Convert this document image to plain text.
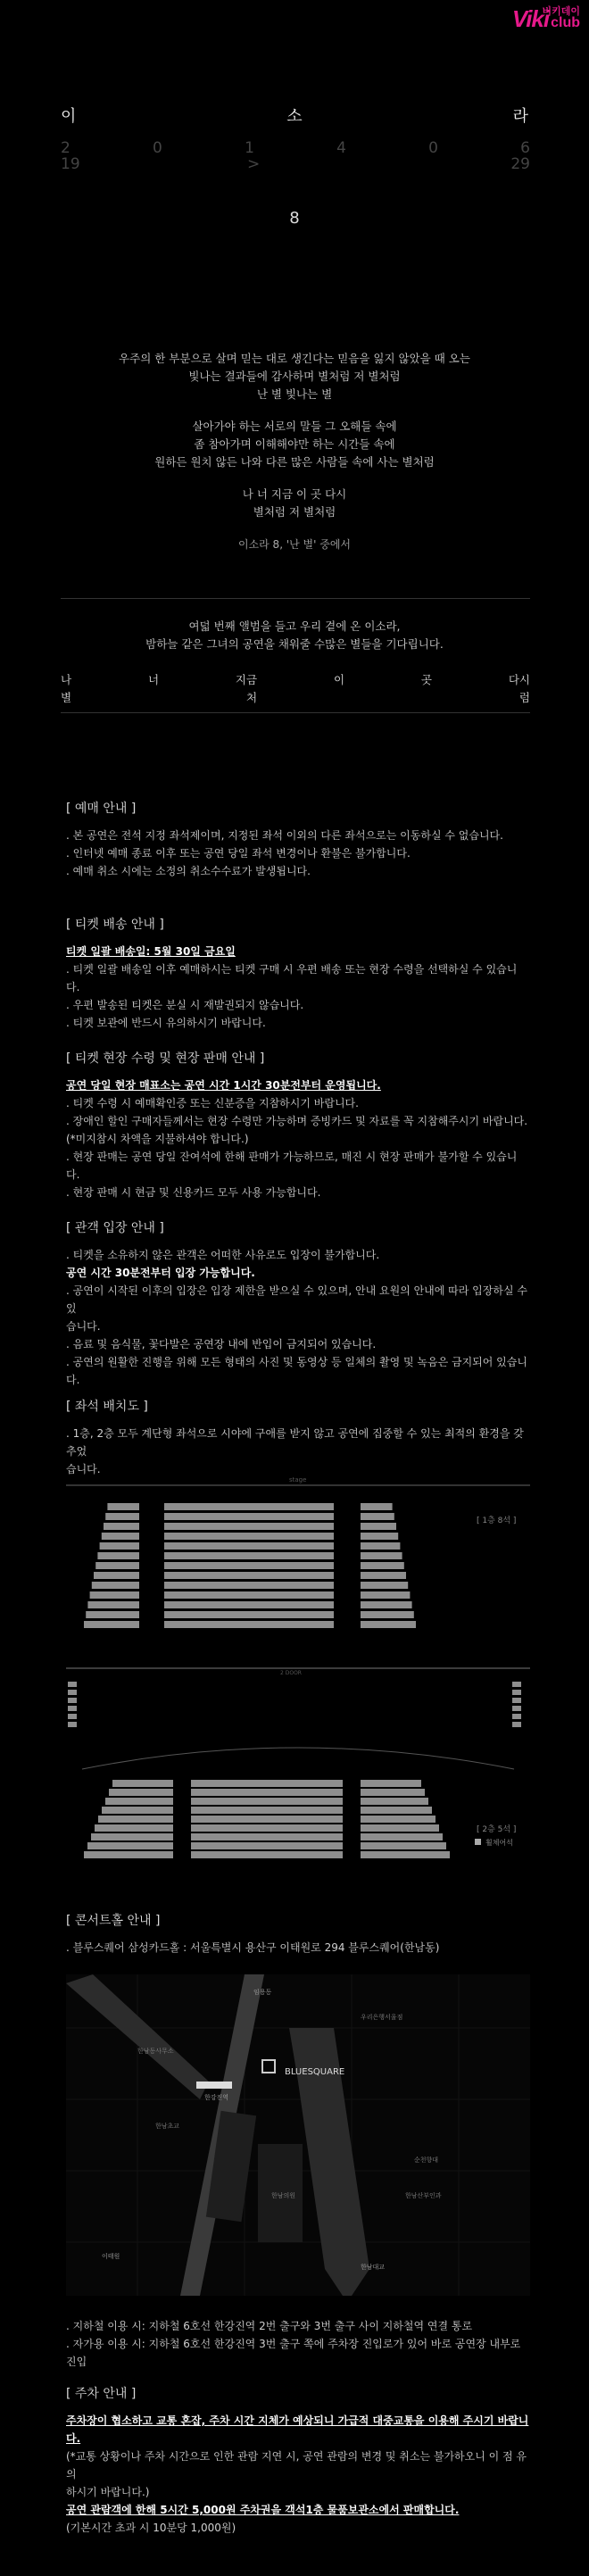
비키데이
Viki club
이	소	라
2	0	1	4	0	6
19	>	29
8

우주의 한 부분으로 살며 믿는 대로 생긴다는 믿음을 잃지 않았을 때 오는
빛나는 결과들에 감사하며 별처럼 저 별처럼
난 별 빛나는 별

살아가야 하는 서로의 말들 그 오해들 속에
좀 참아가며 이해해야만 하는 시간들 속에
원하든 원치 않든 나와 다른 많은 사람들 속에 사는 별처럼

나 너 지금 이 곳 다시
별처럼 저 별처럼

이소라 8, '난 별' 중에서

여덟 번째 앨범을 들고 우리 곁에 온 이소라,
밤하늘 같은 그녀의 공연을 채워줄 수많은 별들을 기다립니다.
나	너	지금	이	곳	다시
별	처	럼
[ 예매 안내 ]

. 본 공연은 전석 지정 좌석제이며, 지정된 좌석 이외의 다른 좌석으로는 이동하실 수 없습니다.

. 인터넷 예매 종료 이후 또는 공연 당일 좌석 변경이나 환불은 불가합니다.

. 예매 취소 시에는 소정의 취소수수료가 발생됩니다.

[ 티켓 배송 안내 ]

티켓 일괄 배송일: 5월 30일 금요일

. 티켓 일괄 배송일 이후 예매하시는 티켓 구매 시 우편 배송 또는 현장 수령을 선택하실 수 있습니다.

. 우편 발송된 티켓은 분실 시 재발권되지 않습니다.

. 티켓 보관에 반드시 유의하시기 바랍니다.

[ 티켓 현장 수령 및 현장 판매 안내 ]

공연 당일 현장 매표소는 공연 시간 1시간 30분전부터 운영됩니다.

. 티켓 수령 시 예매확인증 또는 신분증을 지참하시기 바랍니다.

. 장애인 할인 구매자들께서는 현장 수령만 가능하며 증빙카드 및 자료를 꼭 지참해주시기 바랍니다.

(*미지참시 차액을 지불하셔야 합니다.)

. 현장 판매는 공연 당일 잔여석에 한해 판매가 가능하므로, 매진 시 현장 판매가 불가할 수 있습니다.

. 현장 판매 시 현금 및 신용카드 모두 사용 가능합니다.

[ 관객 입장 안내 ]

. 티켓을 소유하지 않은 관객은 어떠한 사유로도 입장이 불가합니다.

공연 시간 30분전부터 입장 가능합니다.

. 공연이 시작된 이후의 입장은 입장 제한을 받으실 수 있으며, 안내 요원의 안내에 따라 입장하실 수 있

습니다.

. 음료 및 음식물, 꽃다발은 공연장 내에 반입이 금지되어 있습니다.

. 공연의 원활한 진행을 위해 모든 형태의 사진 및 동영상 등 일체의 촬영 및 녹음은 금지되어 있습니다.

[ 좌석 배치도 ]

. 1층, 2층 모두 계단형 좌석으로 시야에 구애를 받지 않고 공연에 집중할 수 있는 최적의 환경을 갖추었

습니다.

stage
[ 1층 8석 ]
2 DOOR
[ 2층 5석 ]
휠체어석
[ 콘서트홀 안내 ]

. 블루스퀘어 삼성카드홀 : 서울특별시 용산구 이태원로 294 블루스퀘어(한남동)

BLUESQUARE
한강진역
임용동
우리은행서울점
한남동사무소
순천향대
한남초교
이태원
한남의원	한남산부인과
한남대교

. 지하철 이용 시: 지하철 6호선 한강진역 2번 출구와 3번 출구 사이 지하철역 연결 통로

. 자가용 이용 시: 지하철 6호선 한강진역 3번 출구 쪽에 주차장 진입로가 있어 바로 공연장 내부로 진입

[ 주차 안내 ]

주차장이 협소하고 교통 혼잡, 주차 시간 지체가 예상되니 가급적 대중교통을 이용해 주시기 바랍니다.

(*교통 상황이나 주차 시간으로 인한 관람 지연 시, 공연 관람의 변경 및 취소는 불가하오니 이 점 유의

하시기 바랍니다.)

공연 관람객에 한해 5시간 5,000원 주차권을 객석1층 물품보관소에서 판매합니다.

(기본시간 초과 시 10분당 1,000원)
